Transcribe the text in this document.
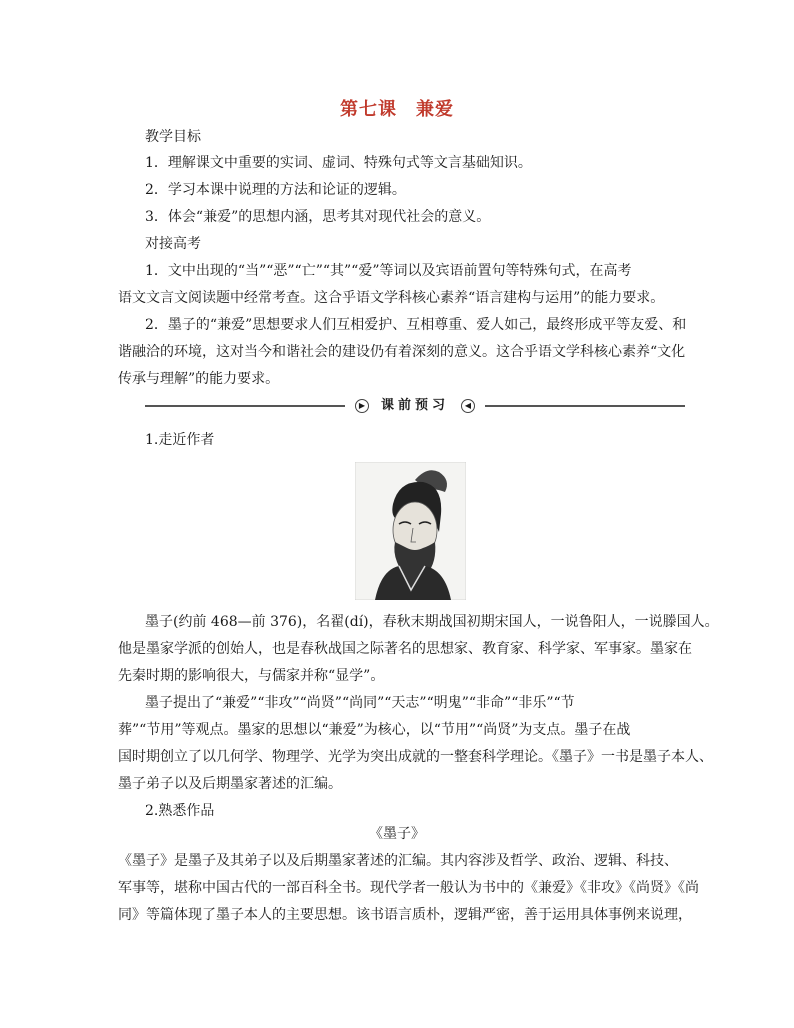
第七课　兼爱
教学目标
1．理解课文中重要的实词、虚词、特殊句式等文言基础知识。
2．学习本课中说理的方法和论证的逻辑。
3．体会“兼爱”的思想内涵，思考其对现代社会的意义。
对接高考
1．文中出现的“当”“恶”“亡”“其”“爱”等词以及宾语前置句等特殊句式，在高考
语文文言文阅读题中经常考查。这合乎语文学科核心素养“语言建构与运用”的能力要求。
2．墨子的“兼爱”思想要求人们互相爱护、互相尊重、爱人如己，最终形成平等友爱、和
谐融洽的环境，这对当今和谐社会的建设仍有着深刻的意义。这合乎语文学科核心素养“文化
传承与理解”的能力要求。
▶	课前预习	◀
1.走近作者
墨子(约前 468—前 376)，名翟(dí)，春秋末期战国初期宋国人，一说鲁阳人，一说滕国人。
他是墨家学派的创始人，也是春秋战国之际著名的思想家、教育家、科学家、军事家。墨家在
先秦时期的影响很大，与儒家并称“显学”。
墨子提出了“兼爱”“非攻”“尚贤”“尚同”“天志”“明鬼”“非命”“非乐”“节
葬”“节用”等观点。墨家的思想以“兼爱”为核心，以“节用”“尚贤”为支点。墨子在战
国时期创立了以几何学、物理学、光学为突出成就的一整套科学理论。《墨子》一书是墨子本人、
墨子弟子以及后期墨家著述的汇编。
2.熟悉作品
《墨子》
《墨子》是墨子及其弟子以及后期墨家著述的汇编。其内容涉及哲学、政治、逻辑、科技、
军事等，堪称中国古代的一部百科全书。现代学者一般认为书中的《兼爱》《非攻》《尚贤》《尚
同》等篇体现了墨子本人的主要思想。该书语言质朴，逻辑严密，善于运用具体事例来说理，
